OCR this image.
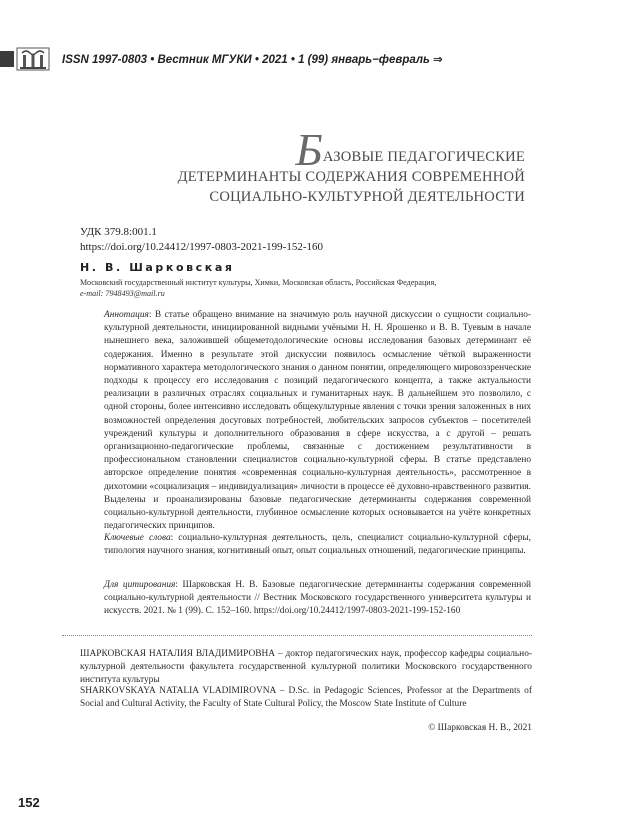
ISSN 1997-0803 • Вестник МГУКИ • 2021 • 1 (99) январь−февраль ⇒
БАЗОВЫЕ ПЕДАГОГИЧЕСКИЕ
ДЕТЕРМИНАНТЫ СОДЕРЖАНИЯ СОВРЕМЕННОЙ
СОЦИАЛЬНО-КУЛЬТУРНОЙ ДЕЯТЕЛЬНОСТИ
УДК 379.8:001.1
https://doi.org/10.24412/1997-0803-2021-199-152-160
Н. В. Шарковская
Московский государственный институт культуры, Химки, Московская область, Российская Федерация,
e-mail: 7948493@mail.ru
Аннотация: В статье обращено внимание на значимую роль научной дискуссии о сущности социально-культурной деятельности, инициированной видными учёными Н. Н. Ярошенко и В. В. Туевым в начале нынешнего века, заложившей общеметодологические основы исследования базовых детерминант её содержания. Именно в результате этой дискуссии появилось осмысление чёткой выраженности нормативного характера методологического знания о данном понятии, определяющего мировоззренческие подходы к процессу его исследования с позиций педагогического концепта, а также актуальности реализации в различных отраслях социальных и гуманитарных наук. В дальнейшем это позволило, с одной стороны, более интенсивно исследовать общекультурные явления с точки зрения заложенных в них возможностей определения досуговых потребностей, любительских запросов субъектов – посетителей учреждений культуры и дополнительного образования в сфере искусства, а с другой – решать организационно-педагогические проблемы, связанные с достижением результативности в профессиональном становлении специалистов социально-культурной сферы. В статье представлено авторское определение понятия «современная социально-культурная деятельность», рассмотренное в дихотомии «социализация – индивидуализация» личности в процессе её духовно-нравственного развития. Выделены и проанализированы базовые педагогические детерминанты содержания современной социально-культурной деятельности, глубинное осмысление которых основывается на учёте конкретных педагогических принципов.
Ключевые слова: социально-культурная деятельность, цель, специалист социально-культурной сферы, типология научного знания, когнитивный опыт, опыт социальных отношений, педагогические принципы.
Для цитирования: Шарковская Н. В. Базовые педагогические детерминанты содержания современной социально-культурной деятельности // Вестник Московского государственного университета культуры и искусств. 2021. № 1 (99). С. 152–160. https://doi.org/10.24412/1997-0803-2021-199-152-160
ШАРКОВСКАЯ НАТАЛИЯ ВЛАДИМИРОВНА – доктор педагогических наук, профессор кафедры социально-культурной деятельности факультета государственной культурной политики Московского государственного института культуры
SHARKOVSKAYA NATALIA VLADIMIROVNA – D.Sc. in Pedagogic Sciences, Professor at the Departments of Social and Cultural Activity, the Faculty of State Cultural Policy, the Moscow State Institute of Culture
© Шарковская Н. В., 2021
152
